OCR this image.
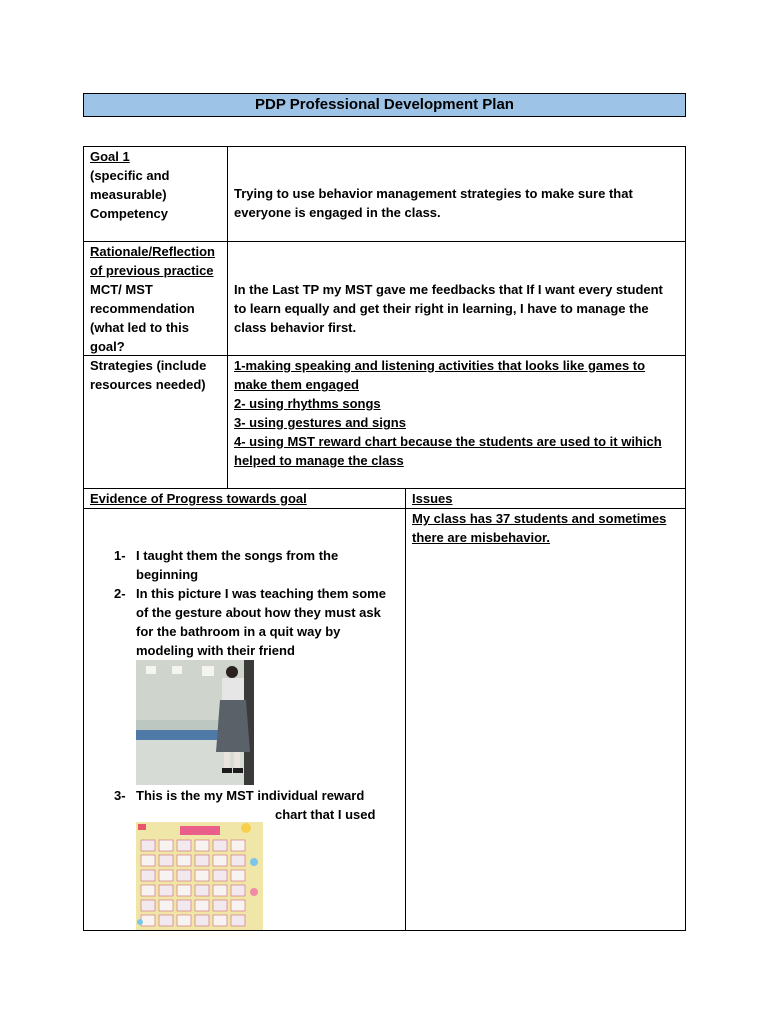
PDP Professional Development Plan
Goal 1
(specific and
measurable)
Competency
Trying to use behavior management strategies to make sure that everyone is engaged in the class.
Rationale/Reflection
of previous practice
MCT/ MST
recommendation
(what led to this
goal?
In the Last TP my MST gave me feedbacks that If I want every student to learn equally and get their right in learning, I have to manage the class behavior first.
Strategies (include
resources needed)
1-making speaking and listening activities that looks like games to make them engaged
2- using rhythms songs
3- using gestures and signs
4- using MST reward chart because the students are used to it wihich helped to manage the class
Evidence of Progress towards goal	Issues
1- I taught them the songs from the beginning
2- In this picture I was teaching them some of the gesture about how they must ask for the bathroom in a quit way by modeling with their friend
3- This is the my MST individual reward
chart that I used
My class has 37 students and sometimes there are misbehavior.
